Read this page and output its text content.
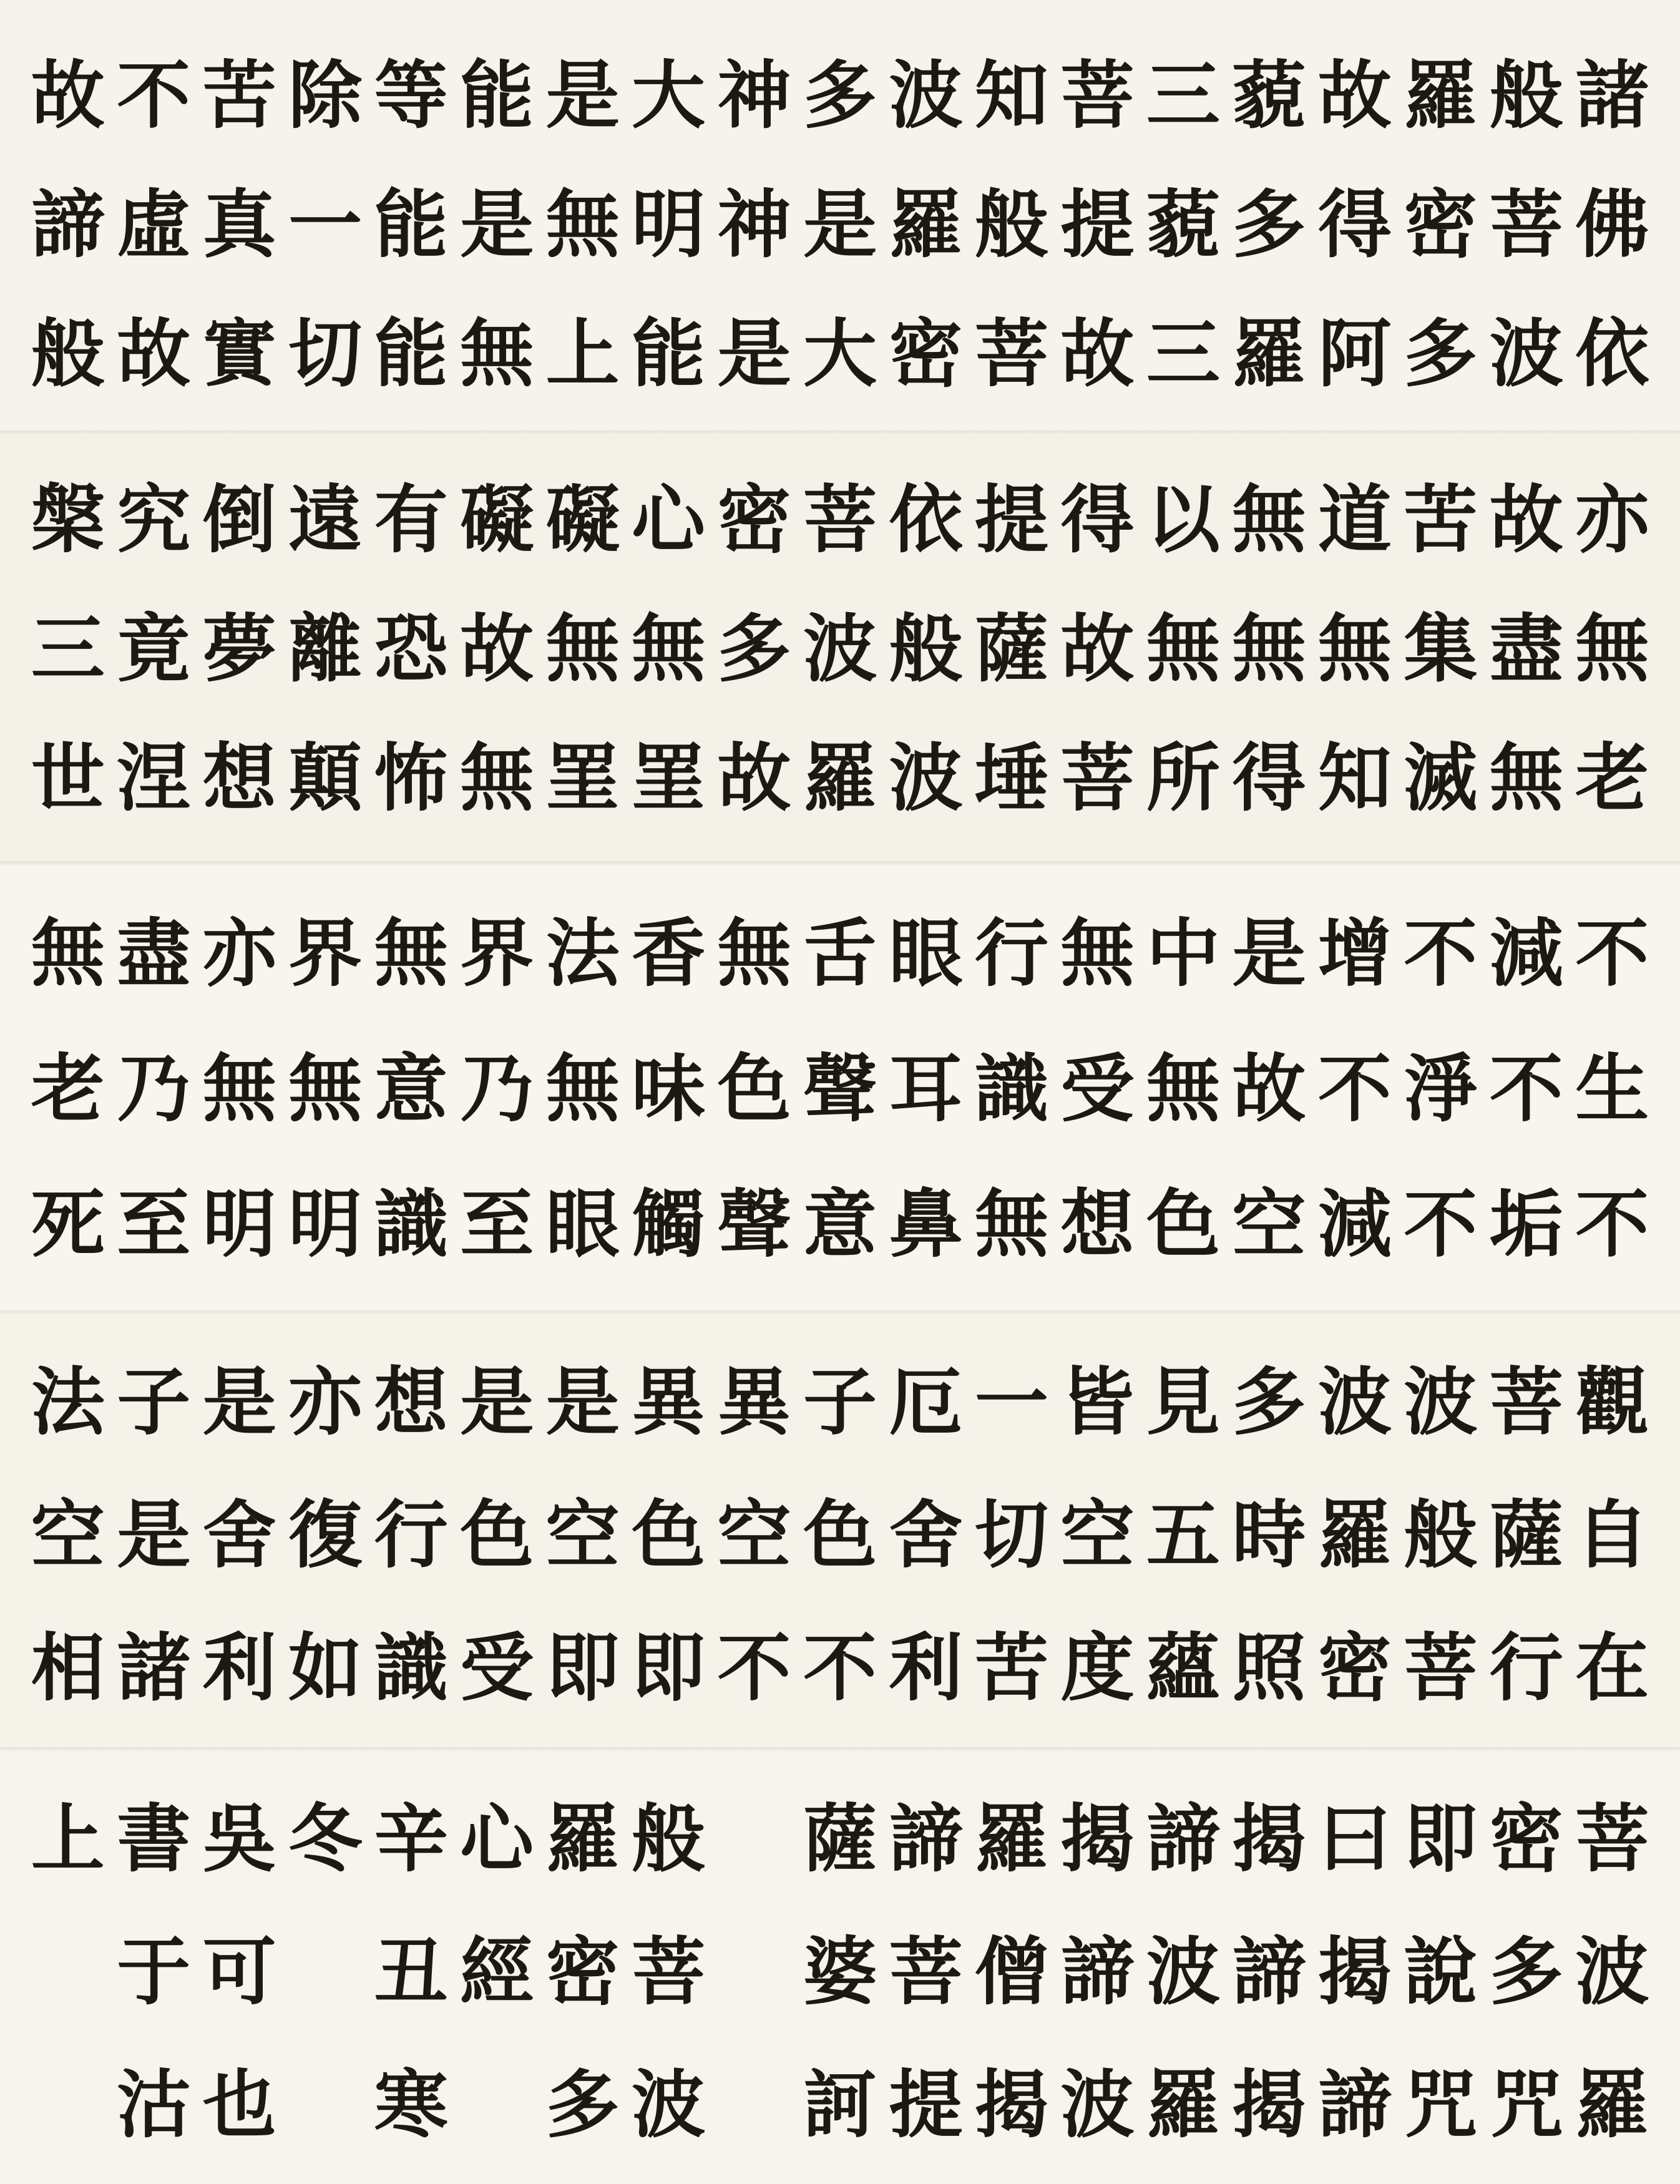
故 不 苦 除 等 能 是 大 神 多 波 知 菩 三 藐 故 羅 般 諸
諦 虛 真 一 能 是 無 明 神 是 羅 般 提 藐 多 得 密 菩 佛
般 故 實 切 能 無 上 能 是 大 密 菩 故 三 羅 阿 多 波 依
槃 究 倒 遠 有 礙 礙 心 密 菩 依 提 得 以 無 道 苦 故 亦
三 竟 夢 離 恐 故 無 無 多 波 般 薩 故 無 無 無 集 盡 無
世 涅 想 顛 怖 無 罣 罣 故 羅 波 埵 菩 所 得 知 滅 無 老
無 盡 亦 界 無 界 法 香 無 舌 眼 行 無 中 是 增 不 減 不
老 乃 無 無 意 乃 無 味 色 聲 耳 識 受 無 故 不 淨 不 生
死 至 明 明 識 至 眼 觸 聲 意 鼻 無 想 色 空 減 不 垢 不
法 子 是 亦 想 是 是 異 異 子 厄 一 皆 見 多 波 波 菩 觀
空 是 舍 復 行 色 空 色 空 色 舍 切 空 五 時 羅 般 薩 自
相 諸 利 如 識 受 即 即 不 不 利 苦 度 蘊 照 密 菩 行 在
上 書 吳 冬 辛 心 羅 般 薩 諦 羅 揭 諦 揭 曰 即 密 菩
于 可 丑 經 密 菩 婆 菩 僧 諦 波 諦 揭 說 多 波
沽 也 寒 多 波 訶 提 揭 波 羅 揭 諦 咒 咒 羅
